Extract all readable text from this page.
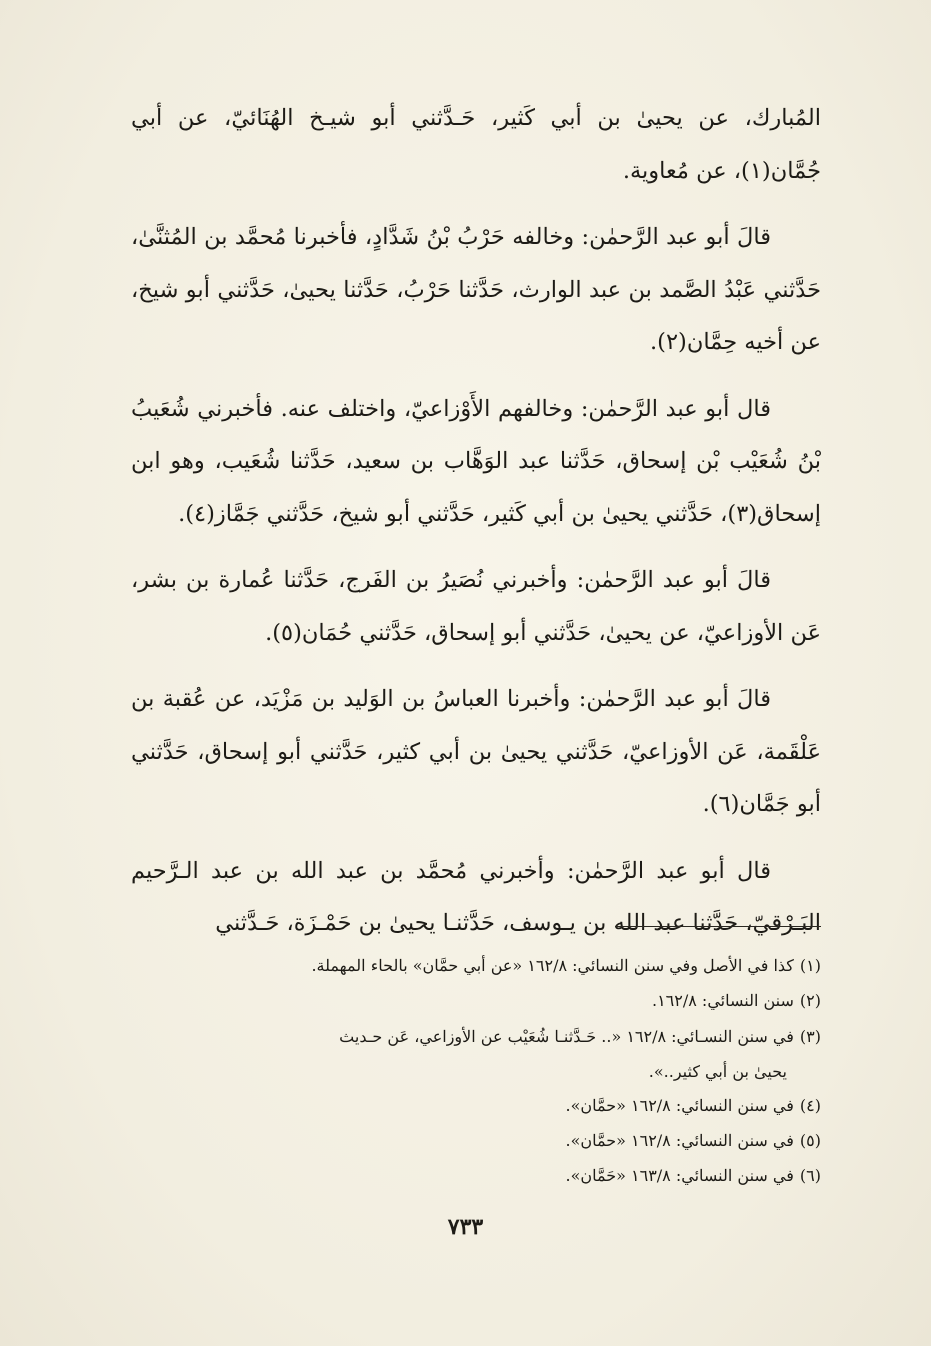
المُبارك، عن يحيىٰ بن أبي كَثير، حَـدَّثني أبو شيـخ الهُنَائيّ، عن أبي جُمَّان(١)، عن مُعاوية.

قالَ أبو عبد الرَّحمٰن: وخالفه حَرْبُ بْنُ شَدَّادٍ، فأخبرنا مُحمَّد بن المُثنَّىٰ، حَدَّثني عَبْدُ الصَّمد بن عبد الوارث، حَدَّثنا حَرْبُ، حَدَّثنا يحيىٰ، حَدَّثني أبو شيخ، عن أخيه حِمَّان(٢).

قال أبو عبد الرَّحمٰن: وخالفهم الأَوْزاعيّ، واختلف عنه. فأخبرني شُعَيبُ بْنُ شُعَيْب بْن إسحاق، حَدَّثنا عبد الوَهَّاب بن سعيد، حَدَّثنا شُعَيب، وهو ابن إسحاق(٣)، حَدَّثني يحيىٰ بن أبي كَثير، حَدَّثني أبو شيخ، حَدَّثني جَمَّاز(٤).

قالَ أبو عبد الرَّحمٰن: وأخبرني نُصَيرُ بن الفَرج، حَدَّثنا عُمارة بن بشر، عَن الأوزاعيّ، عن يحيىٰ، حَدَّثني أبو إسحاق، حَدَّثني حُمَان(٥).

قالَ أبو عبد الرَّحمٰن: وأخبرنا العباسُ بن الوَليد بن مَزْيَد، عن عُقبة بن عَلْقَمة، عَن الأوزاعيّ، حَدَّثني يحيىٰ بن أبي كثير، حَدَّثني أبو إسحاق، حَدَّثني أبو جَمَّان(٦).

قال أبو عبد الرَّحمٰن: وأخبرني مُحمَّد بن عبد الله بن عبد الـرَّحيم البَـرْقيّ، حَدَّثنا عبد الله بن يـوسف، حَدَّثنـا يحيىٰ بن حَمْـزَة، حَـدَّثني

(١)كذا في الأصل وفي سنن النسائي: ١٦٢/٨ «عن أبي حمَّان» بالحاء المهملة.

(٢)سنن النسائي: ١٦٢/٨.

(٣)في سنن النسـائي: ١٦٢/٨ «.. حَـدَّثنـا شُعَيْب عن الأوزاعي، عَن حـديث
يحيىٰ بن أبي كثير..».

(٤)في سنن النسائي: ١٦٢/٨ «حمَّان».

(٥)في سنن النسائي: ١٦٢/٨ «حمَّان».

(٦)في سنن النسائي: ١٦٣/٨ «حَمَّان».

٧٣٣
